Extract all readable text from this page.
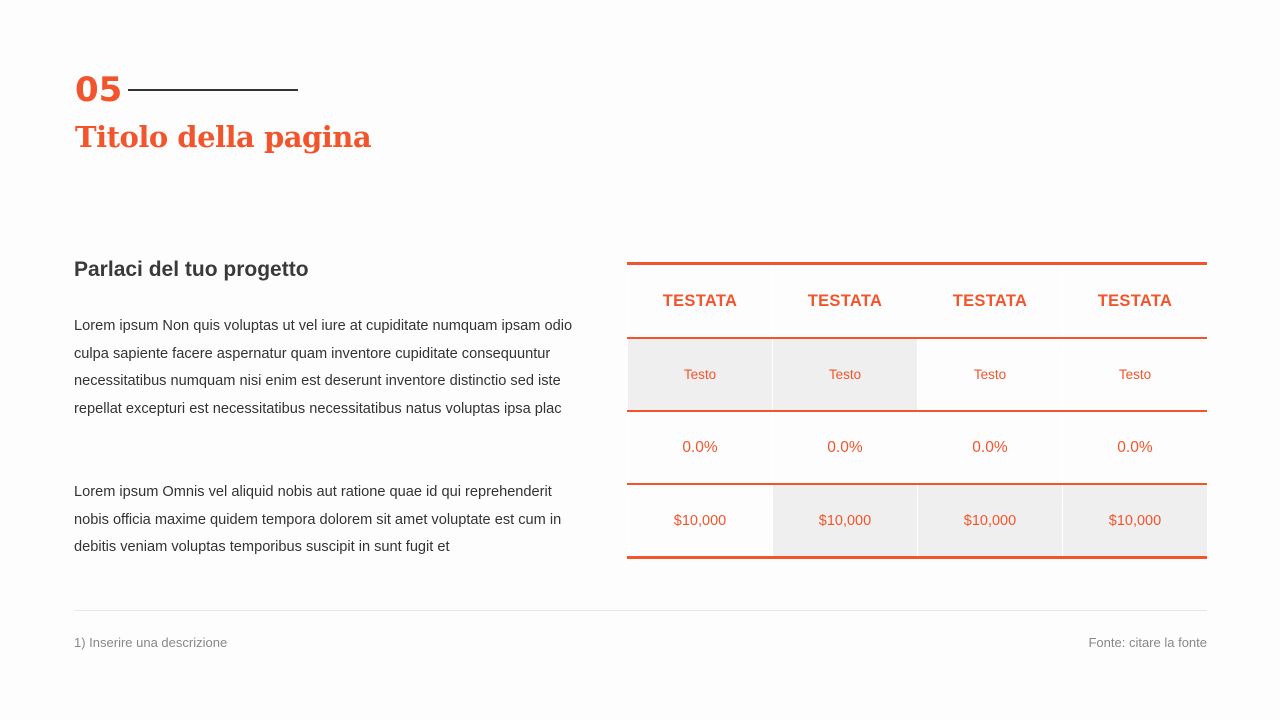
05
Titolo della pagina
Parlaci del tuo progetto
Lorem ipsum Non quis voluptas ut vel iure at cupiditate numquam ipsam odio culpa sapiente facere aspernatur quam inventore cupiditate consequuntur necessitatibus numquam nisi enim est deserunt inventore distinctio sed iste repellat excepturi est necessitatibus necessitatibus natus voluptas ipsa plac
Lorem ipsum Omnis vel aliquid nobis aut ratione quae id qui reprehenderit nobis officia maxime quidem tempora dolorem sit amet voluptate est cum in debitis veniam voluptas temporibus suscipit in sunt fugit et
TESTATA	TESTATA	TESTATA	TESTATA
Testo	Testo	Testo	Testo
0.0%	0.0%	0.0%	0.0%
$10,000	$10,000	$10,000	$10,000
1) Inserire una descrizione	Fonte: citare la fonte
